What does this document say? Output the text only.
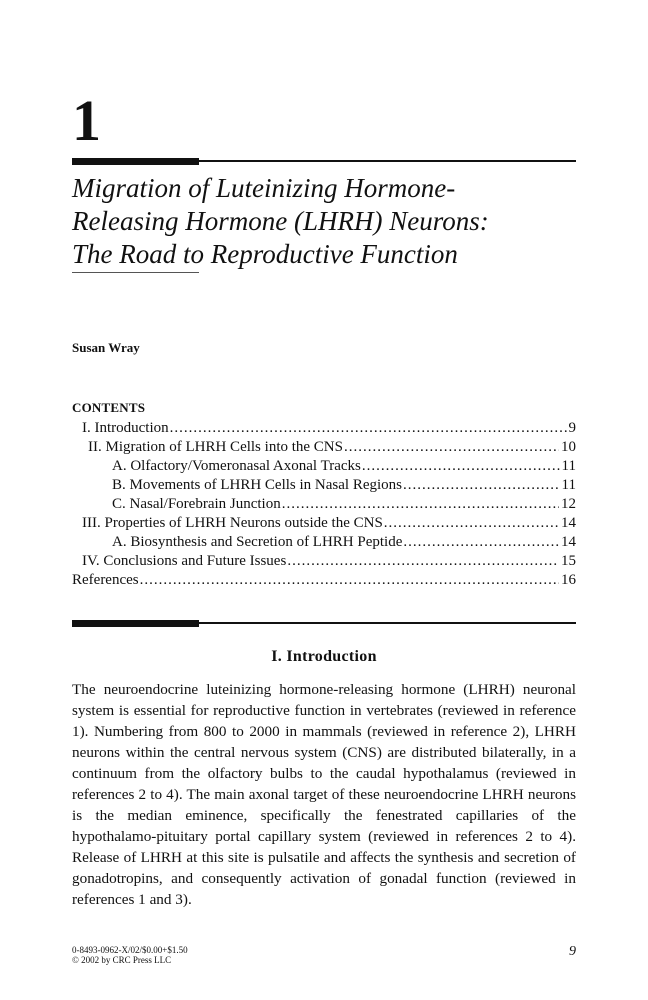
1
Migration of Luteinizing Hormone-
Releasing Hormone (LHRH) Neurons:
The Road to Reproductive Function
Susan Wray
CONTENTS
I. Introduction .....	9
II. Migration of LHRH Cells into the CNS .....	10
A. Olfactory/Vomeronasal Axonal Tracks .....	11
B. Movements of LHRH Cells in Nasal Regions .....	11
C. Nasal/Forebrain Junction .....	12
III. Properties of LHRH Neurons outside the CNS .....	14
A. Biosynthesis and Secretion of LHRH Peptide .....	14
IV. Conclusions and Future Issues .....	15
References .....	16
I. Introduction
The neuroendocrine luteinizing hormone-releasing hormone (LHRH) neuronal system is essential for reproductive function in vertebrates (reviewed in reference 1). Numbering from 800 to 2000 in mammals (reviewed in reference 2), LHRH neurons within the central nervous system (CNS) are distributed bilaterally, in a continuum from the olfactory bulbs to the caudal hypothalamus (reviewed in references 2 to 4). The main axonal target of these neuroendocrine LHRH neurons is the median eminence, specifically the fenestrated capillaries of the hypothalamo-pituitary portal capillary system (reviewed in references 2 to 4). Release of LHRH at this site is pulsatile and affects the synthesis and secretion of gonadotropins, and consequently activation of gonadal function (reviewed in references 1 and 3).
0-8493-0962-X/02/$0.00+$1.50
© 2002 by CRC Press LLC
9
